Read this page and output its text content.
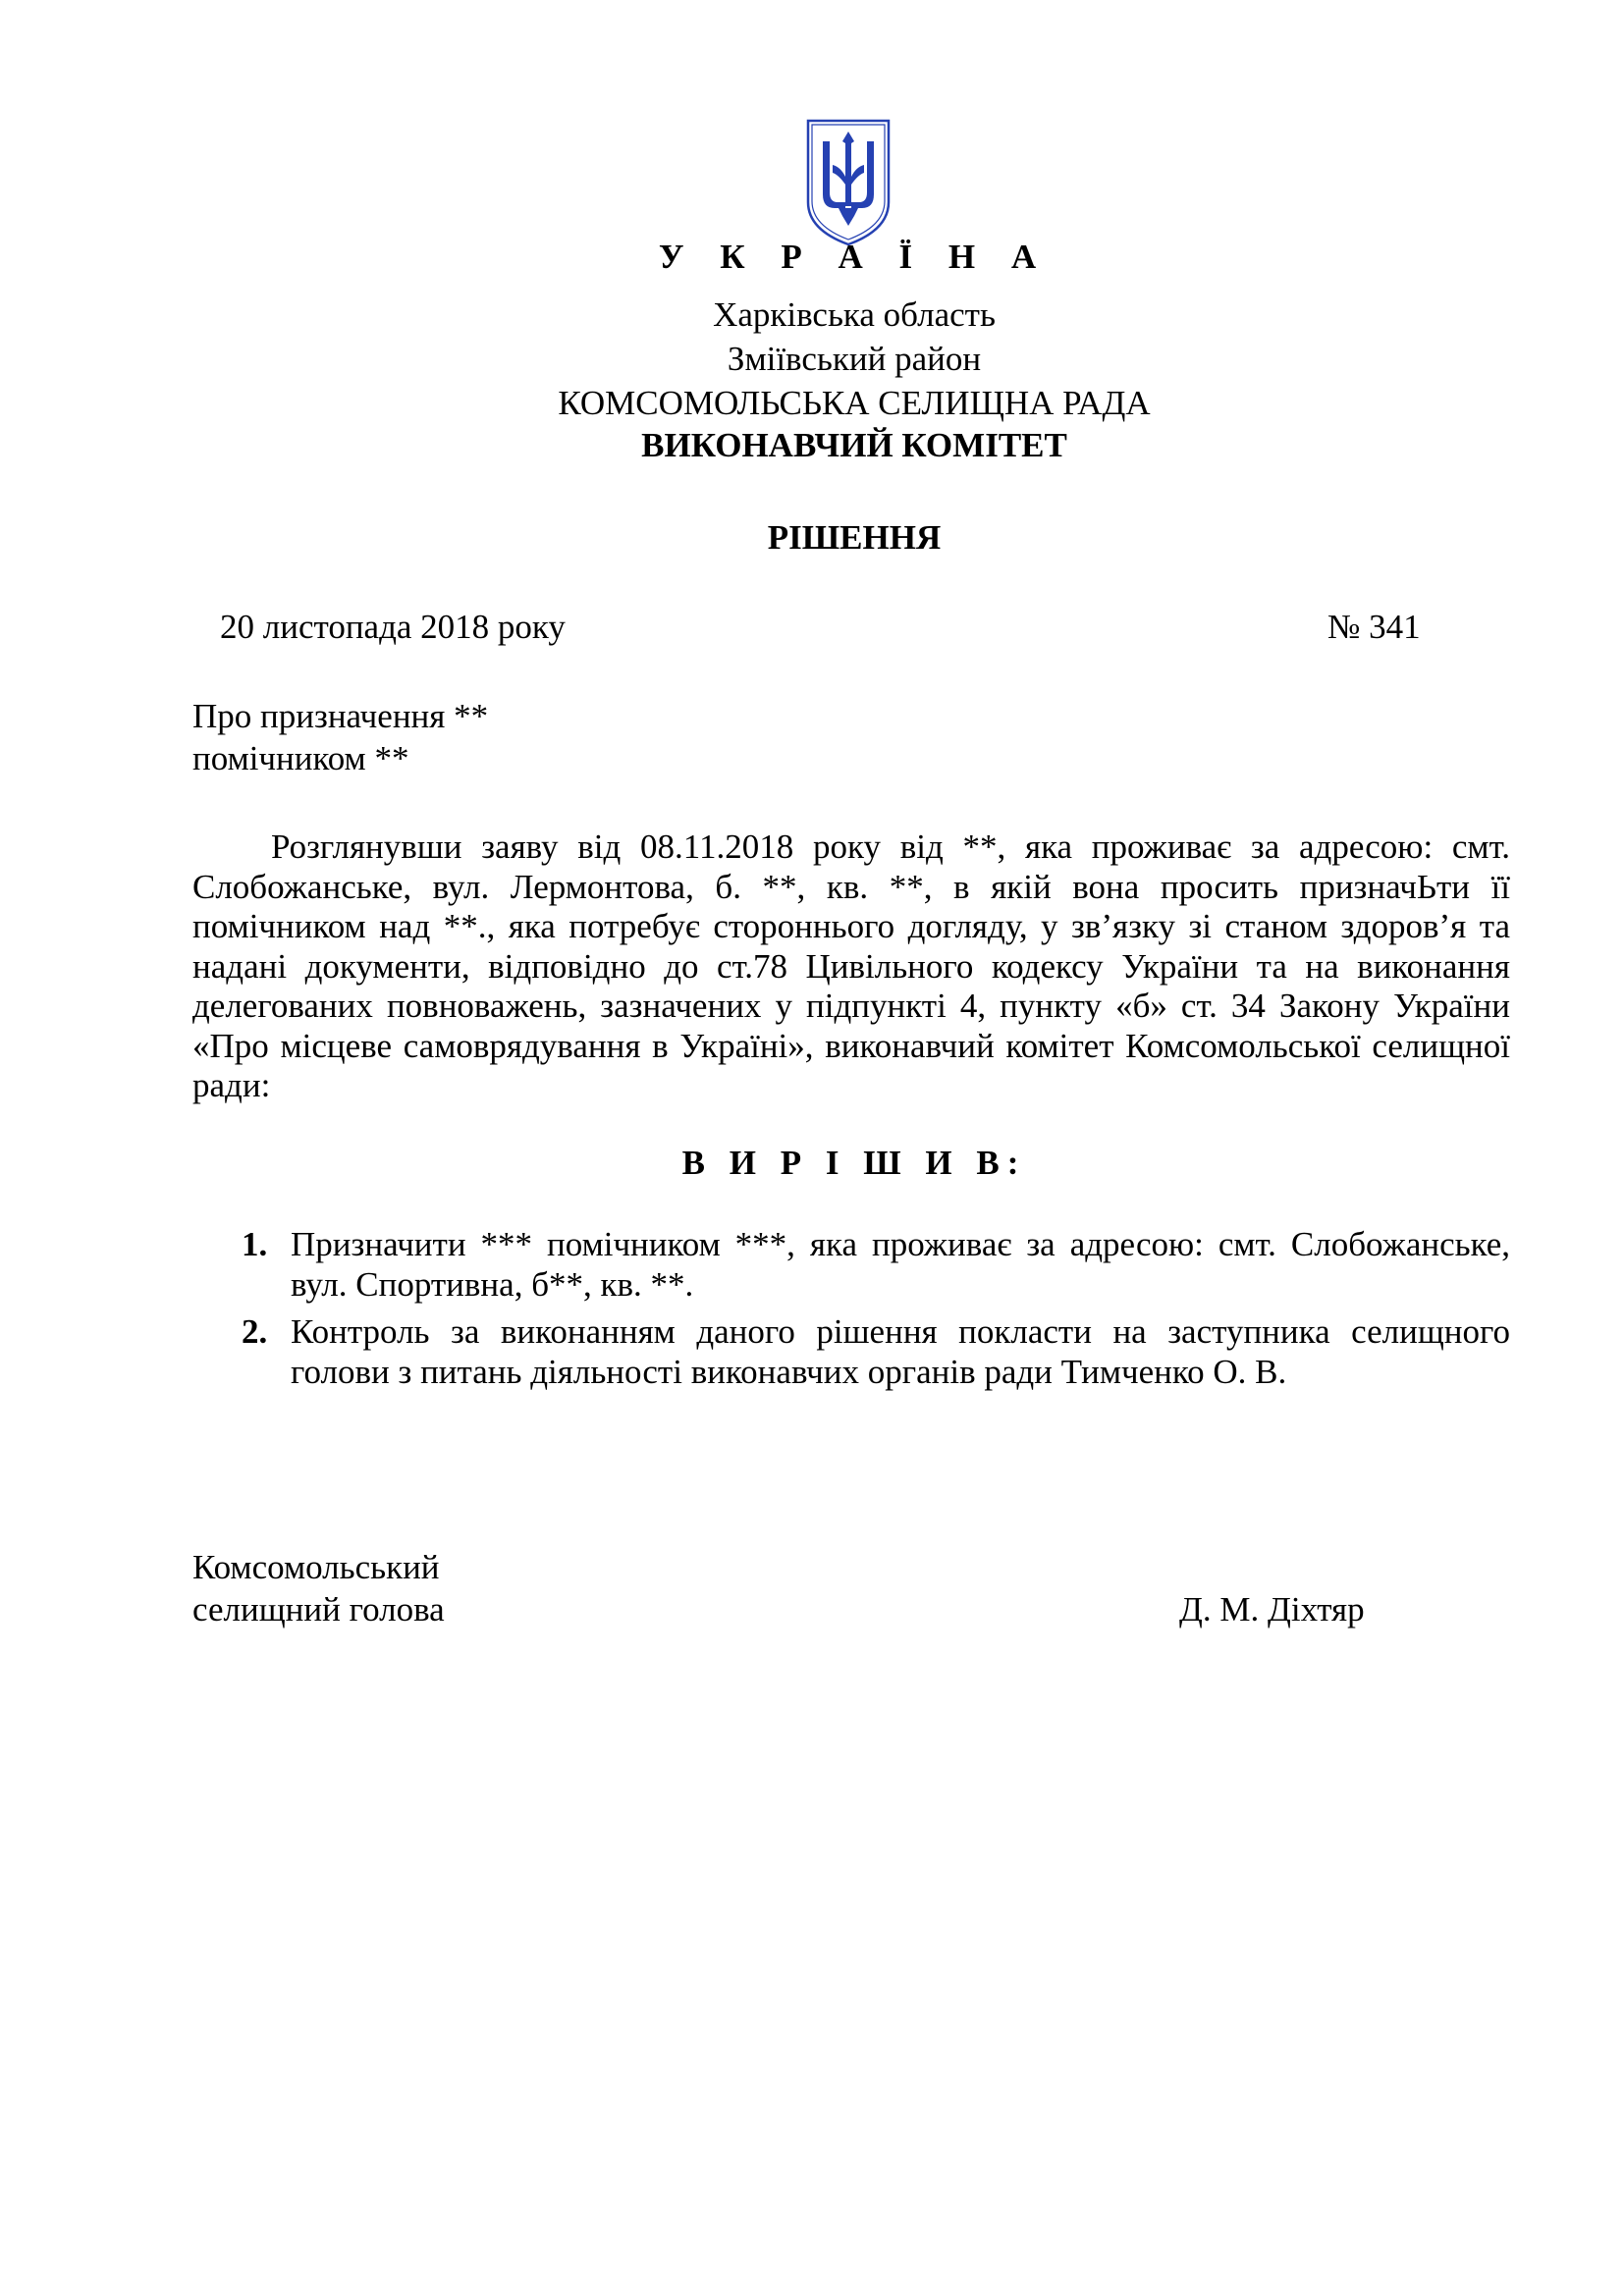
У К Р А Ї Н А
Харківська область
Зміївський район
КОМСОМОЛЬСЬКА СЕЛИЩНА РАДА
ВИКОНАВЧИЙ КОМІТЕТ
РІШЕННЯ
20 листопада 2018 року	№ 341
Про призначення **
помічником **

Розглянувши заяву від 08.11.2018 року від **, яка проживає за адресою: смт. Слобожанське, вул. Лермонтова, б. **, кв. **, в якій вона просить призначЬти її помічником над **., яка потребує стороннього догляду, у зв’язку зі станом здоров’я та надані документи, відповідно до ст.78 Цивільного кодексу України та на виконання делегованих повноважень, зазначених у підпункті 4, пункту «б» ст. 34 Закону України «Про місцеве самоврядування в Україні», виконавчий комітет Комсомольської селищної ради:

В И Р І Ш И В:
1. Призначити *** помічником ***, яка проживає за адресою: смт. Слобожанське, вул. Спортивна, б**, кв. **.
2. Контроль за виконанням даного рішення покласти на заступника селищного голови з питань діяльності виконавчих органів ради Тимченко О. В.
Комсомольський
селищний голова	Д. М. Діхтяр
